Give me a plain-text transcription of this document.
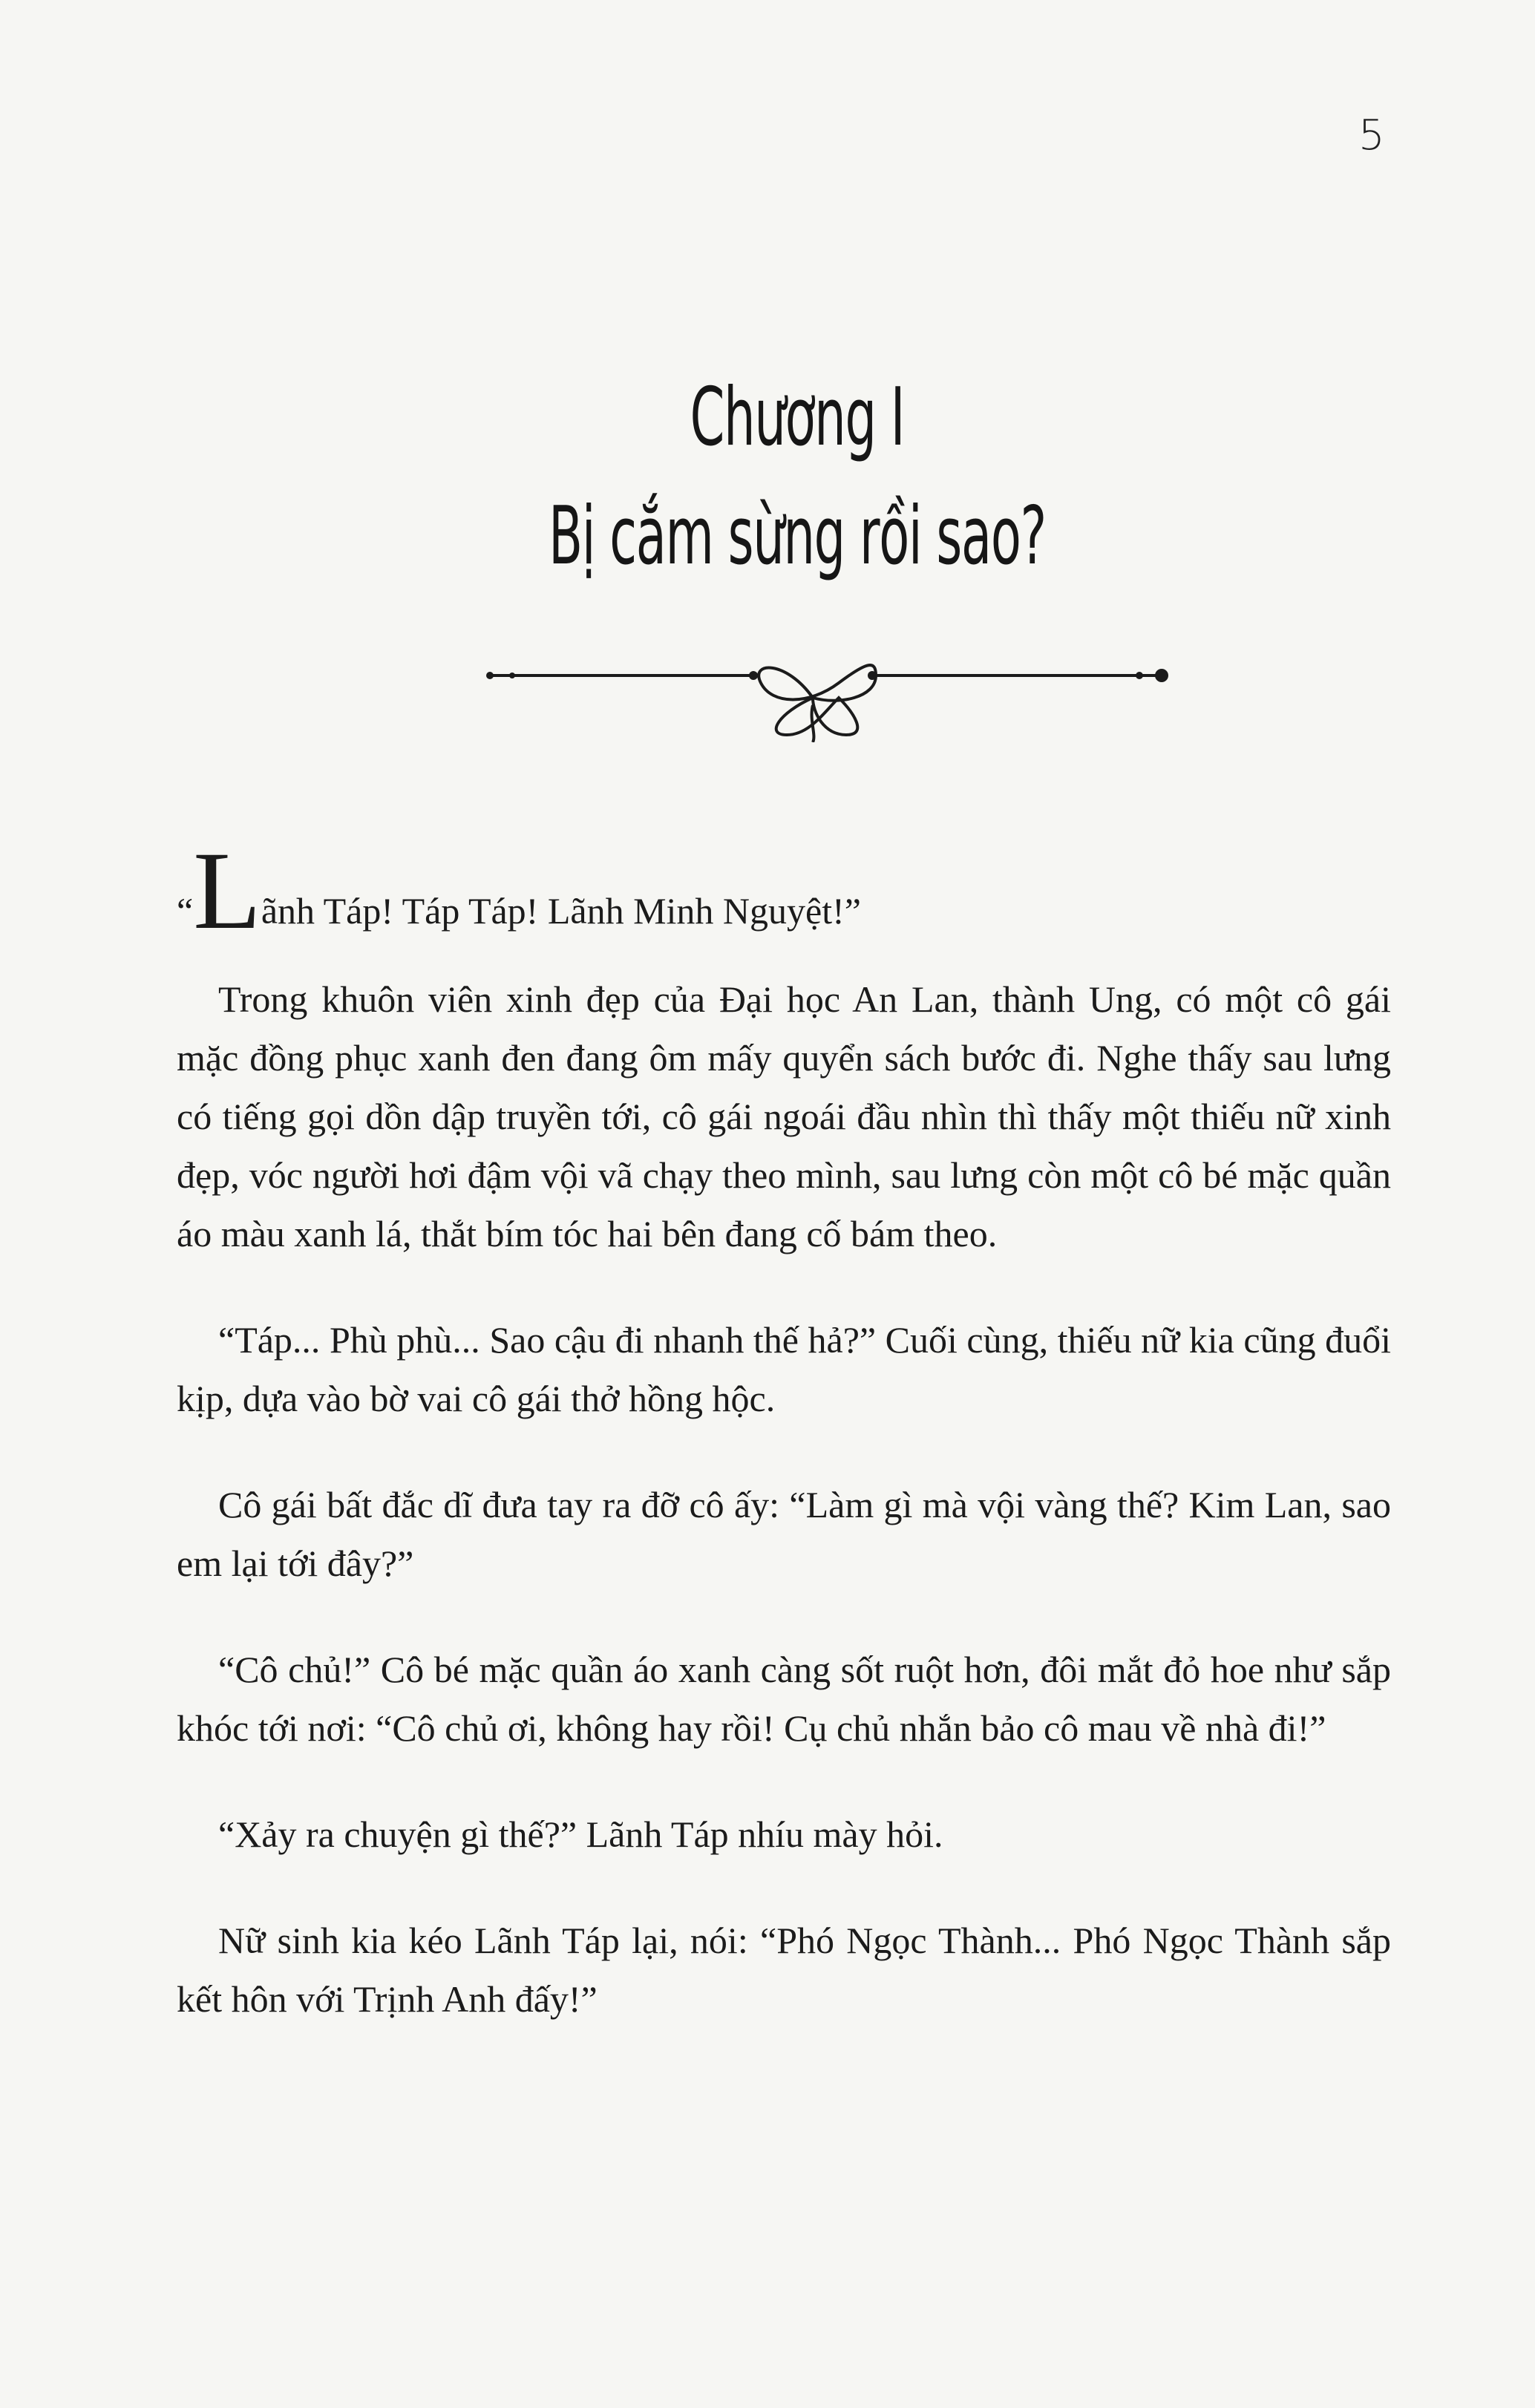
5
Chương I
Bị cắm sừng rồi sao?

“Lãnh Táp! Táp Táp! Lãnh Minh Nguyệt!”

Trong khuôn viên xinh đẹp của Đại học An Lan, thành Ung, có một cô gái mặc đồng phục xanh đen đang ôm mấy quyển sách bước đi. Nghe thấy sau lưng có tiếng gọi dồn dập truyền tới, cô gái ngoái đầu nhìn thì thấy một thiếu nữ xinh đẹp, vóc người hơi đậm vội vã chạy theo mình, sau lưng còn một cô bé mặc quần áo màu xanh lá, thắt bím tóc hai bên đang cố bám theo.

“Táp... Phù phù... Sao cậu đi nhanh thế hả?” Cuối cùng, thiếu nữ kia cũng đuổi kịp, dựa vào bờ vai cô gái thở hồng hộc.

Cô gái bất đắc dĩ đưa tay ra đỡ cô ấy: “Làm gì mà vội vàng thế? Kim Lan, sao em lại tới đây?”

“Cô chủ!” Cô bé mặc quần áo xanh càng sốt ruột hơn, đôi mắt đỏ hoe như sắp khóc tới nơi: “Cô chủ ơi, không hay rồi! Cụ chủ nhắn bảo cô mau về nhà đi!”

“Xảy ra chuyện gì thế?” Lãnh Táp nhíu mày hỏi.

Nữ sinh kia kéo Lãnh Táp lại, nói: “Phó Ngọc Thành... Phó Ngọc Thành sắp kết hôn với Trịnh Anh đấy!”
